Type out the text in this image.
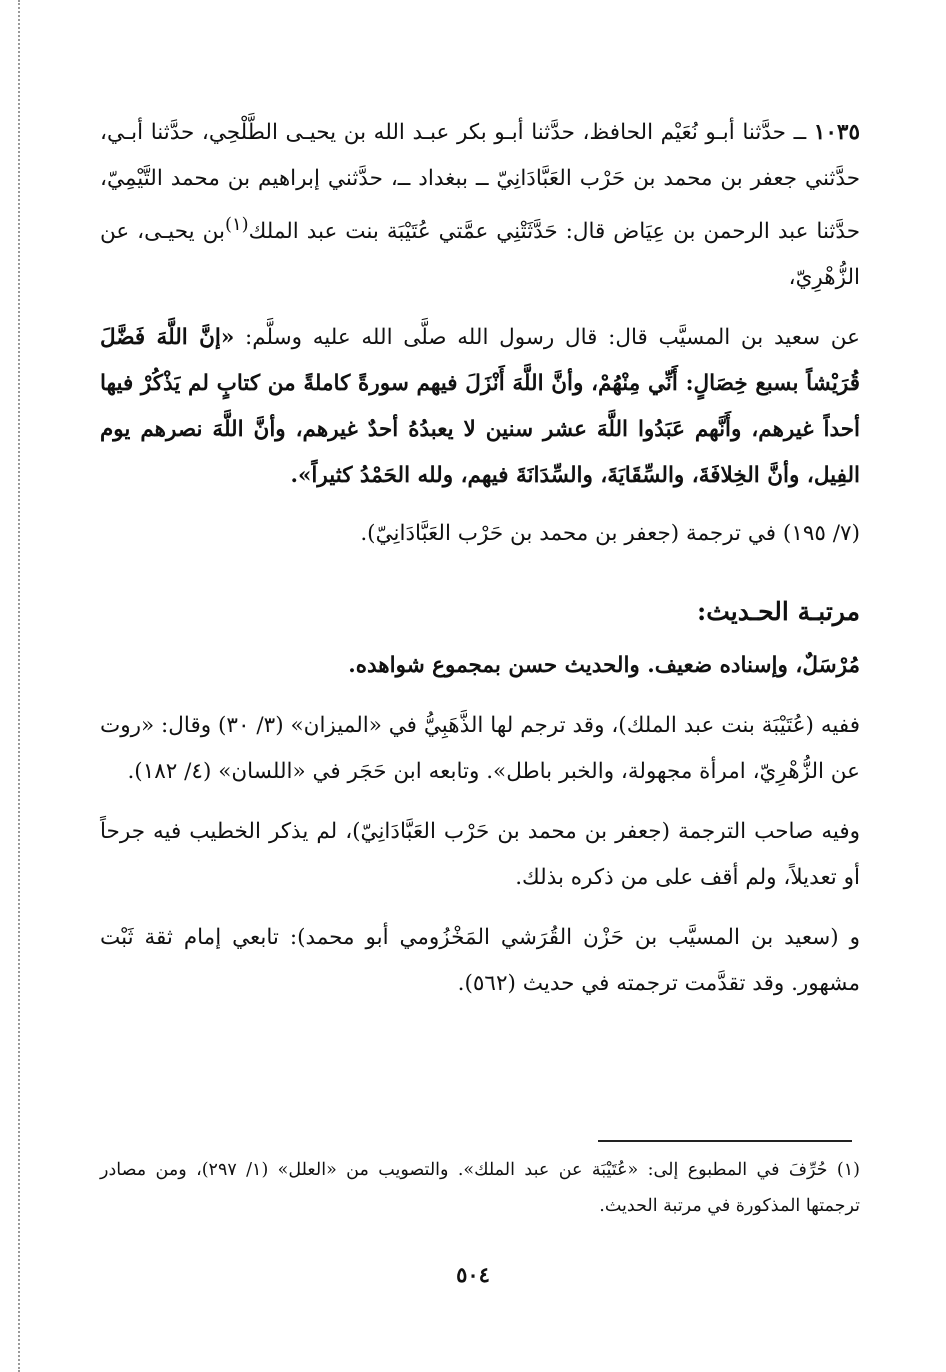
١٠٣٥ ــ حدَّثنا أبـو نُعَيْم الحافظ، حدَّثنا أبـو بكر عبـد الله بن يحيـى الطَّلْحِي، حدَّثنا أبـي، حدَّثني جعفر بن محمد بن حَرْب العَبَّادَانِيّ ــ ببغداد ــ، حدَّثني إبراهيم بن محمد التَّيْمِيّ، حدَّثنا عبد الرحمن بن عِيَاض قال: حَدَّثَتْنِي عمَّتي عُتَيْبَة بنت عبد الملك$^{(١)}$بن يحيـى، عن الزُّهْرِيّ،

عن سعيد بن المسيَّب قال: قال رسول الله صلَّى الله عليه وسلَّم: «إنَّ اللَّهَ فَضَّلَ قُرَيْشاً بسبع خِصَالٍ: أَنِّي مِنْهُمْ، وأنَّ اللَّهَ أَنْزَلَ فيهم سورةً كاملةً من كتابٍ لم يَذْكُرْ فيها أحداً غيرهم، وأَنَّهم عَبَدُوا اللَّهَ عشر سنين لا يعبدُهُ أحدٌ غيرهم، وأنَّ اللَّهَ نصرهم يوم الفِيل، وأنَّ الخِلافَةَ، والسِّقَايَةَ، والسِّدَانَةَ فيهم، ولله الحَمْدُ كثيراً».

(٧/ ١٩٥) في ترجمة (جعفر بن محمد بن حَرْب العَبَّادَانِيّ).

مرتبـة الحـديث:

مُرْسَلٌ، وإسناده ضعيف. والحديث حسن بمجموع شواهده.

ففيه (عُتَيْبَة بنت عبد الملك)، وقد ترجم لها الذَّهَبِيُّ في «الميزان» (٣/ ٣٠) وقال: «روت عن الزُّهْرِيّ، امرأة مجهولة، والخبر باطل». وتابعه ابن حَجَر في «اللسان» (٤/ ١٨٢).

وفيه صاحب الترجمة (جعفر بن محمد بن حَرْب العَبَّادَانِيّ)، لم يذكر الخطيب فيه جرحاً أو تعديلاً، ولم أقف على من ذكره بذلك.

و (سعيد بن المسيَّب بن حَزْن القُرَشي المَخْزُومي أبو محمد): تابعي إمام ثقة ثَبْت مشهور. وقد تقدَّمت ترجمته في حديث (٥٦٢).

(١) حُرِّفَ في المطبوع إلى: «عُتَيْبَة عن عبد الملك». والتصويب من «العلل» (١/ ٢٩٧)، ومن مصادر ترجمتها المذكورة في مرتبة الحديث.
٥٠٤
